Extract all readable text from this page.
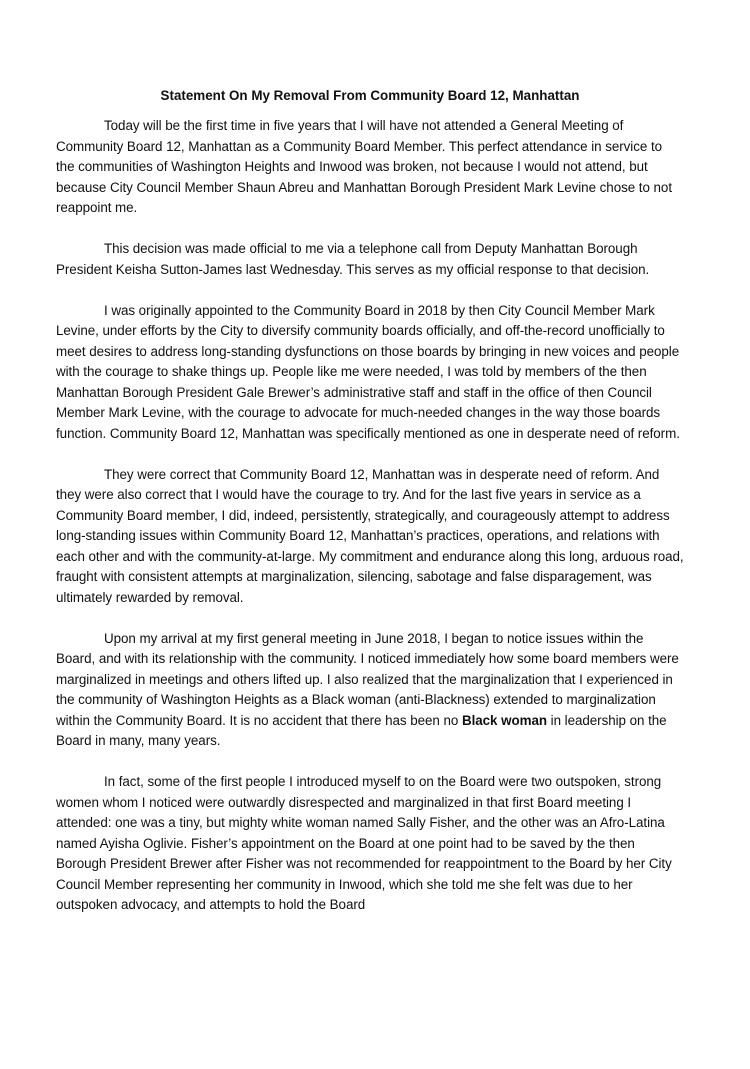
Statement On My Removal From Community Board 12, Manhattan

Today will be the first time in five years that I will have not attended a General Meeting of Community Board 12, Manhattan as a Community Board Member. This perfect attendance in service to the communities of Washington Heights and Inwood was broken, not because I would not attend, but because City Council Member Shaun Abreu and Manhattan Borough President Mark Levine chose to not reappoint me.

This decision was made official to me via a telephone call from Deputy Manhattan Borough President Keisha Sutton-James last Wednesday. This serves as my official response to that decision.

I was originally appointed to the Community Board in 2018 by then City Council Member Mark Levine, under efforts by the City to diversify community boards officially, and off-the-record unofficially to meet desires to address long-standing dysfunctions on those boards by bringing in new voices and people with the courage to shake things up. People like me were needed, I was told by members of the then Manhattan Borough President Gale Brewer’s administrative staff and staff in the office of then Council Member Mark Levine, with the courage to advocate for much-needed changes in the way those boards function. Community Board 12, Manhattan was specifically mentioned as one in desperate need of reform.

They were correct that Community Board 12, Manhattan was in desperate need of reform. And they were also correct that I would have the courage to try. And for the last five years in service as a Community Board member, I did, indeed, persistently, strategically, and courageously attempt to address long-standing issues within Community Board 12, Manhattan’s practices, operations, and relations with each other and with the community-at-large. My commitment and endurance along this long, arduous road, fraught with consistent attempts at marginalization, silencing, sabotage and false disparagement, was ultimately rewarded by removal.

Upon my arrival at my first general meeting in June 2018, I began to notice issues within the Board, and with its relationship with the community. I noticed immediately how some board members were marginalized in meetings and others lifted up. I also realized that the marginalization that I experienced in the community of Washington Heights as a Black woman (anti-Blackness) extended to marginalization within the Community Board. It is no accident that there has been no Black woman in leadership on the Board in many, many years.

In fact, some of the first people I introduced myself to on the Board were two outspoken, strong women whom I noticed were outwardly disrespected and marginalized in that first Board meeting I attended: one was a tiny, but mighty white woman named Sally Fisher, and the other was an Afro-Latina named Ayisha Oglivie. Fisher’s appointment on the Board at one point had to be saved by the then Borough President Brewer after Fisher was not recommended for reappointment to the Board by her City Council Member representing her community in Inwood, which she told me she felt was due to her outspoken advocacy, and attempts to hold the Board
